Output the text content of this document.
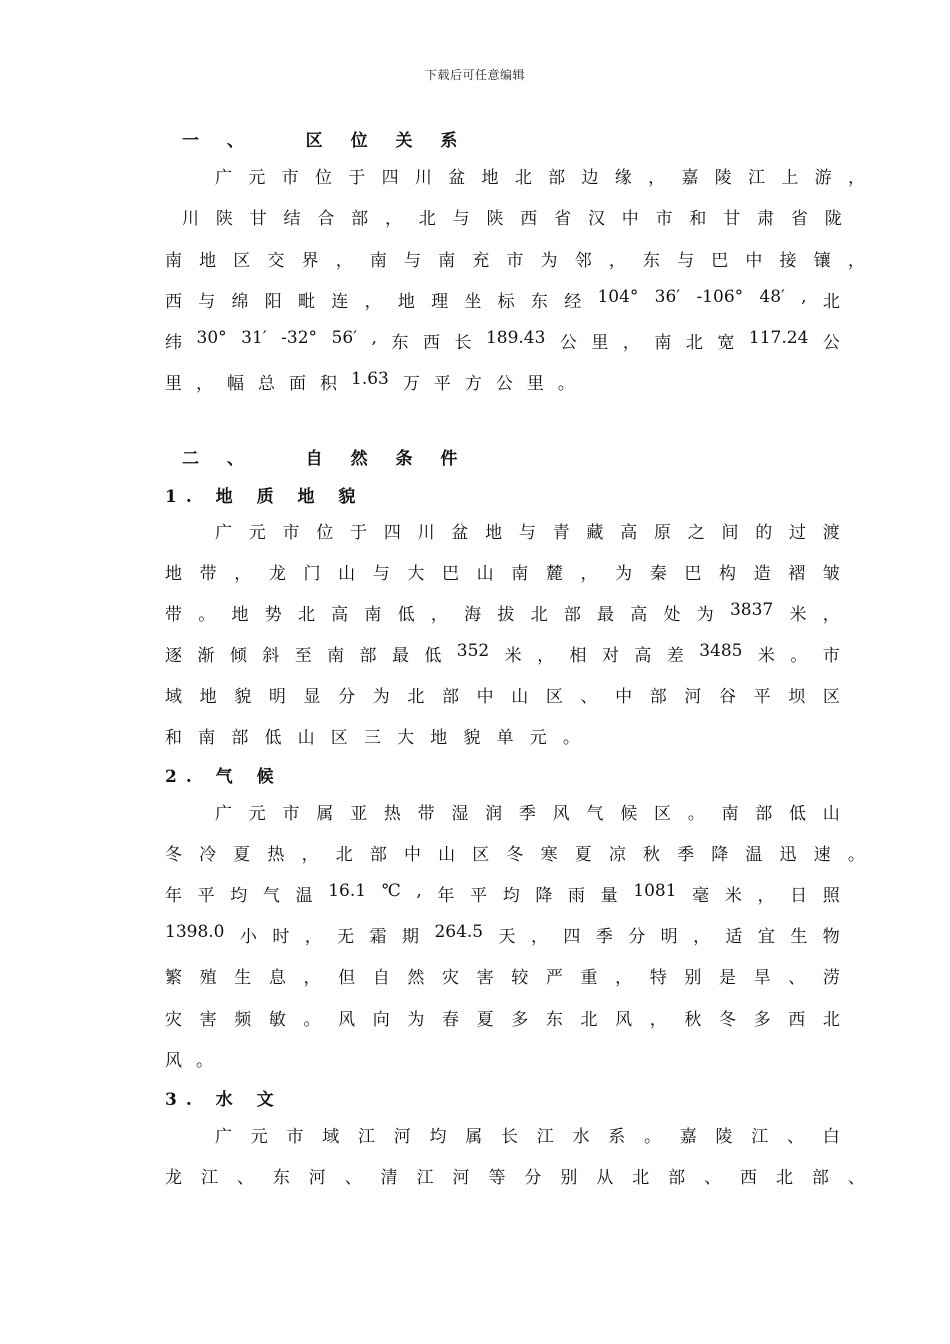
下载后可任意编辑
一 、   区 位 关 系
广 元 市 位 于 四 川 盆 地 北 部 边 缘 ， 嘉 陵 江 上 游 ，
川 陕 甘 结 合 部 ， 北 与 陕 西 省 汉 中 市 和 甘 肃 省 陇
南 地 区 交 界 ， 南 与 南 充 市 为 邻 ， 东 与 巴 中 接 镶 ，
西 与 绵 阳 毗 连 ， 地 理 坐 标 东 经 104° 36′ -106° 48′ , 北
纬 30° 31′ -32° 56′ , 东 西 长 189.43 公 里 ， 南 北 宽 117.24 公
里 ， 幅 总 面 积 1.63 万 平 方 公 里 。
二 、   自 然 条 件
1. 地 质 地 貌
广 元 市 位 于 四 川 盆 地 与 青 藏 高 原 之 间 的 过 渡
地 带 ， 龙 门 山 与 大 巴 山 南 麓 ， 为 秦 巴 构 造 褶 皱
带 。 地 势 北 高 南 低 ， 海 拔 北 部 最 高 处 为 3837 米 ，
逐 渐 倾 斜 至 南 部 最 低 352 米 ， 相 对 高 差 3485 米 。 市
域 地 貌 明 显 分 为 北 部 中 山 区 、 中 部 河 谷 平 坝 区
和 南 部 低 山 区 三 大 地 貌 单 元 。
2. 气 候
广 元 市 属 亚 热 带 湿 润 季 风 气 候 区 。 南 部 低 山
冬 冷 夏 热 ， 北 部 中 山 区 冬 寒 夏 凉 秋 季 降 温 迅 速 。
年 平 均 气 温 16.1 ℃ , 年 平 均 降 雨 量 1081 毫 米 ， 日 照
1398.0 小 时 ， 无 霜 期 264.5 天 ， 四 季 分 明 ， 适 宜 生 物
繁 殖 生 息 ， 但 自 然 灾 害 较 严 重 ， 特 别 是 旱 、 涝
灾 害 频 敏 。 风 向 为 春 夏 多 东 北 风 ， 秋 冬 多 西 北
风 。
3. 水 文
广 元 市 域 江 河 均 属 长 江 水 系 。 嘉 陵 江 、 白
龙 江 、 东 河 、 清 江 河 等 分 别 从 北 部 、 西 北 部 、
